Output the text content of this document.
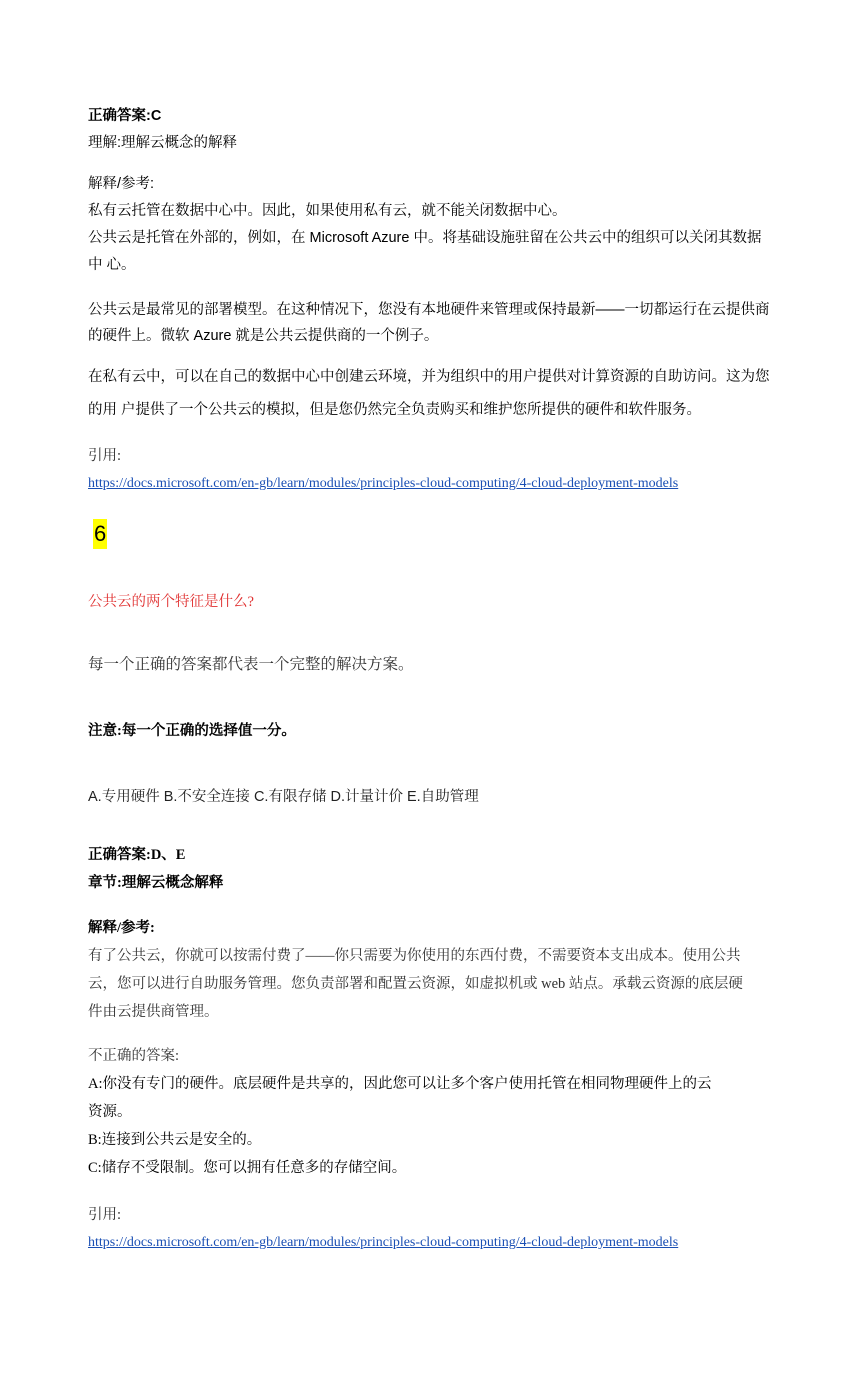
正确答案:C
理解:理解云概念的解释
解释/参考:
私有云托管在数据中心中。因此，如果使用私有云，就不能关闭数据中心。
公共云是托管在外部的，例如，在 Microsoft Azure 中。将基础设施驻留在公共云中的组织可以关闭其数据
中 心。
公共云是最常见的部署模型。在这种情况下，您没有本地硬件来管理或保持最新——一切都运行在云提供商
的硬件上。微软 Azure 就是公共云提供商的一个例子。
在私有云中，可以在自己的数据中心中创建云环境，并为组织中的用户提供对计算资源的自助访问。这为您
的用 户提供了一个公共云的模拟，但是您仍然完全负责购买和维护您所提供的硬件和软件服务。
引用:
https://docs.microsoft.com/en-gb/learn/modules/principles-cloud-computing/4-cloud-deployment-models
6
公共云的两个特征是什么?
每一个正确的答案都代表一个完整的解决方案。
注意:每一个正确的选择值一分。
A.专用硬件 B.不安全连接 C.有限存储 D.计量计价 E.自助管理
正确答案:D、E
章节:理解云概念解释
解释/参考:
有了公共云，你就可以按需付费了——你只需要为你使用的东西付费，不需要资本支出成本。使用公共
云，您可以进行自助服务管理。您负责部署和配置云资源，如虚拟机或 web 站点。承载云资源的底层硬
件由云提供商管理。
不正确的答案:
A:你没有专门的硬件。底层硬件是共享的，因此您可以让多个客户使用托管在相同物理硬件上的云
资源。
B:连接到公共云是安全的。
C:储存不受限制。您可以拥有任意多的存储空间。
引用:
https://docs.microsoft.com/en-gb/learn/modules/principles-cloud-computing/4-cloud-deployment-models
